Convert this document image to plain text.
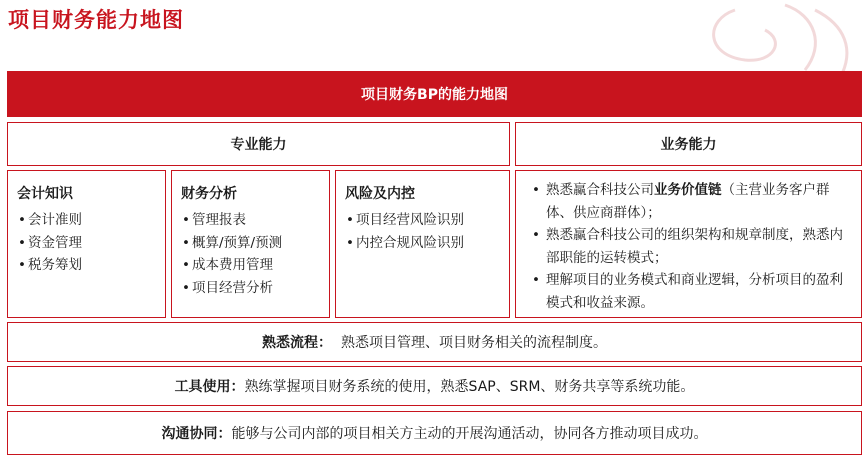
项目财务能力地图
项目财务BP的能力地图
专业能力	业务能力
会计知识
• 会计准则
• 资金管理
• 税务筹划
财务分析
• 管理报表
• 概算/预算/预测
• 成本费用管理
• 项目经营分析
风险及内控
• 项目经营风险识别
• 内控合规风险识别
• 熟悉赢合科技公司业务价值链（主营业务客户群体、供应商群体）；
• 熟悉赢合科技公司的组织架构和规章制度，熟悉内部职能的运转模式；
• 理解项目的业务模式和商业逻辑，分析项目的盈利模式和收益来源。
熟悉流程： 熟悉项目管理、项目财务相关的流程制度。
工具使用： 熟练掌握项目财务系统的使用，熟悉SAP、SRM、财务共享等系统功能。
沟通协同： 能够与公司内部的项目相关方主动的开展沟通活动，协同各方推动项目成功。
